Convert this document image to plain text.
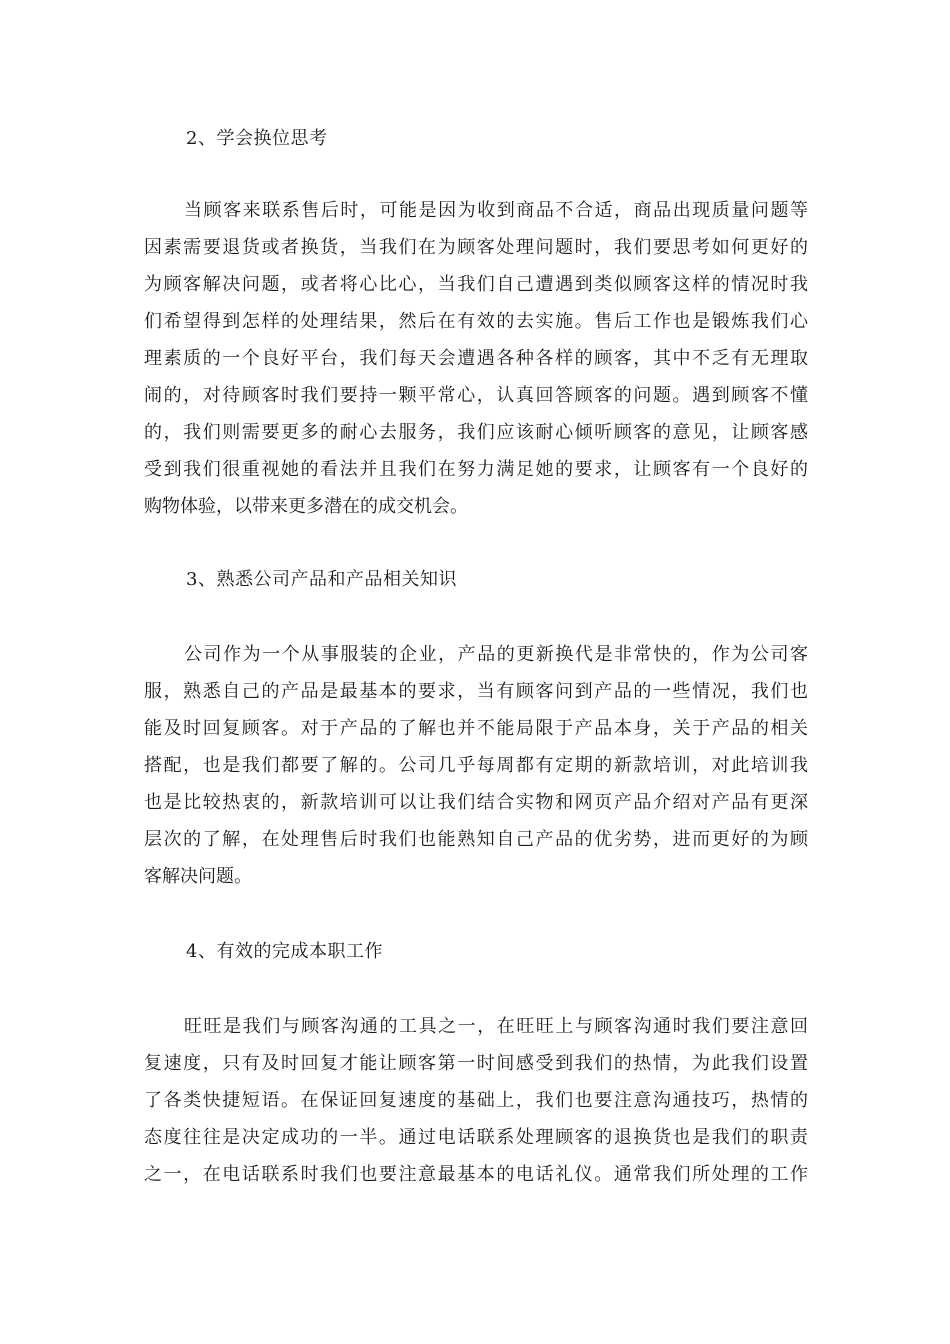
2、学会换位思考
当顾客来联系售后时，可能是因为收到商品不合适，商品出现质量问题等
因素需要退货或者换货，当我们在为顾客处理问题时，我们要思考如何更好的
为顾客解决问题，或者将心比心，当我们自己遭遇到类似顾客这样的情况时我
们希望得到怎样的处理结果，然后在有效的去实施。售后工作也是锻炼我们心
理素质的一个良好平台，我们每天会遭遇各种各样的顾客，其中不乏有无理取
闹的，对待顾客时我们要持一颗平常心，认真回答顾客的问题。遇到顾客不懂
的，我们则需要更多的耐心去服务，我们应该耐心倾听顾客的意见，让顾客感
受到我们很重视她的看法并且我们在努力满足她的要求，让顾客有一个良好的
购物体验，以带来更多潜在的成交机会。
3、熟悉公司产品和产品相关知识
公司作为一个从事服装的企业，产品的更新换代是非常快的，作为公司客
服，熟悉自己的产品是最基本的要求，当有顾客问到产品的一些情况，我们也
能及时回复顾客。对于产品的了解也并不能局限于产品本身，关于产品的相关
搭配，也是我们都要了解的。公司几乎每周都有定期的新款培训，对此培训我
也是比较热衷的，新款培训可以让我们结合实物和网页产品介绍对产品有更深
层次的了解，在处理售后时我们也能熟知自己产品的优劣势，进而更好的为顾
客解决问题。
4、有效的完成本职工作
旺旺是我们与顾客沟通的工具之一，在旺旺上与顾客沟通时我们要注意回
复速度，只有及时回复才能让顾客第一时间感受到我们的热情，为此我们设置
了各类快捷短语。在保证回复速度的基础上，我们也要注意沟通技巧，热情的
态度往往是决定成功的一半。通过电话联系处理顾客的退换货也是我们的职责
之一，在电话联系时我们也要注意最基本的电话礼仪。通常我们所处理的工作
